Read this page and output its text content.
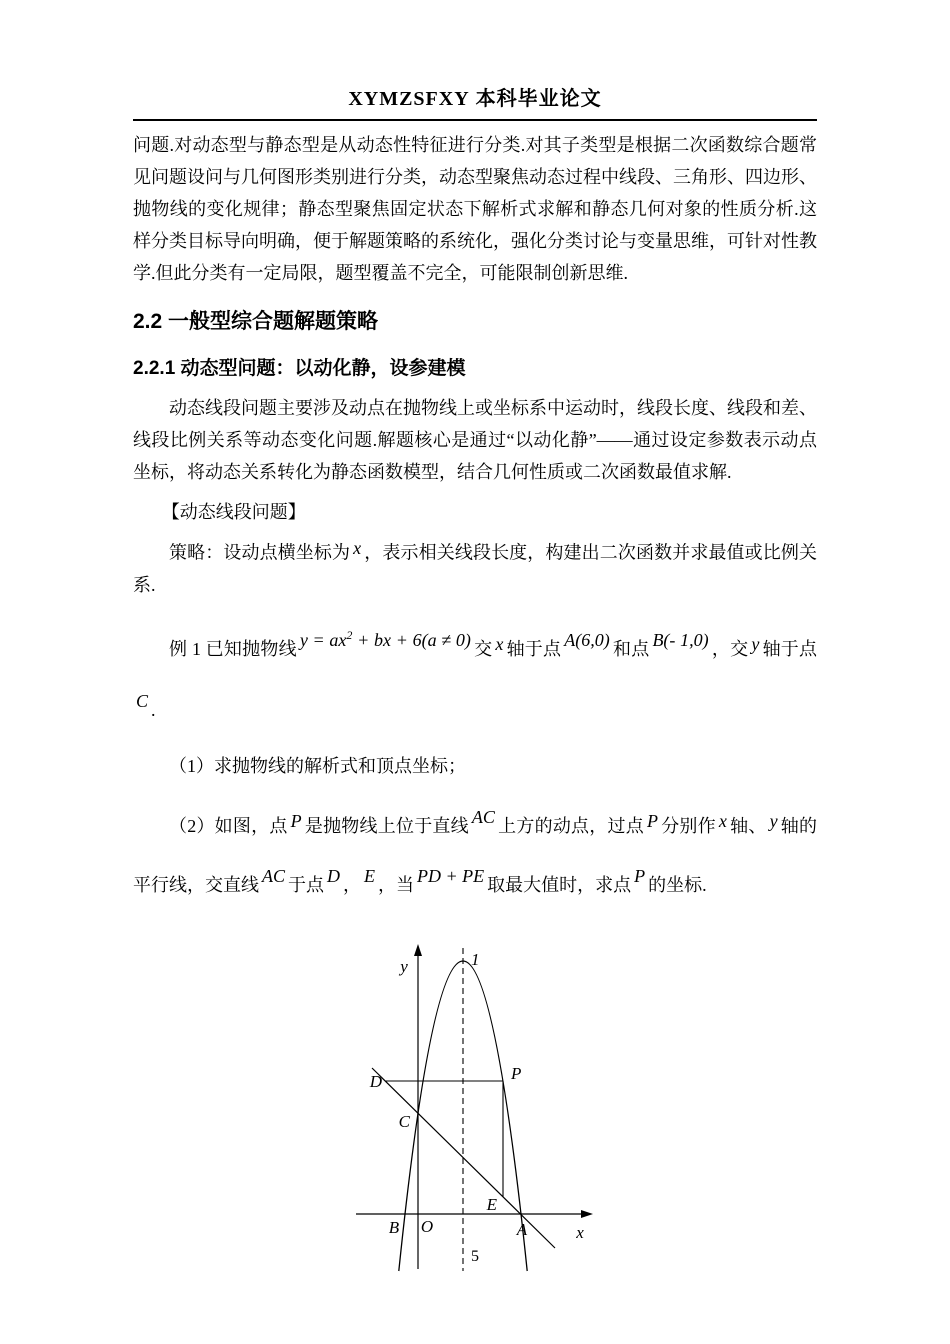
XYMZSFXY 本科毕业论文

问题.对动态型与静态型是从动态性特征进行分类.对其子类型是根据二次函数综合题常见问题设问与几何图形类别进行分类，动态型聚焦动态过程中线段、三角形、四边形、抛物线的变化规律；静态型聚焦固定状态下解析式求解和静态几何对象的性质分析.这样分类目标导向明确，便于解题策略的系统化，强化分类讨论与变量思维，可针对性教学.但此分类有一定局限，题型覆盖不完全，可能限制创新思维.

2.2 一般型综合题解题策略
2.2.1 动态型问题：以动化静，设参建模

动态线段问题主要涉及动点在抛物线上或坐标系中运动时，线段长度、线段和差、线段比例关系等动态变化问题.解题核心是通过“以动化静”——通过设定参数表示动点坐标，将动态关系转化为静态函数模型，结合几何性质或二次函数最值求解.

【动态线段问题】

策略：设动点横坐标为 x ，表示相关线段长度，构建出二次函数并求最值或比例关系.

例 1 已知抛物线 $y = ax^2$ + bx + 6(a ≠ 0) 交 x 轴于点 A(6,0) 和点 B(- 1,0) ，交 y 轴于点C .

（1）求抛物线的解析式和顶点坐标；

（2）如图，点 P 是抛物线上位于直线 AC 上方的动点，过点 P 分别作 x 轴、 y 轴的平行线，交直线 AC 于点 D ， E ，当 PD + PE 取最大值时，求点 P 的坐标.

y
x
O
B	A
C
D	P
E
1
5
